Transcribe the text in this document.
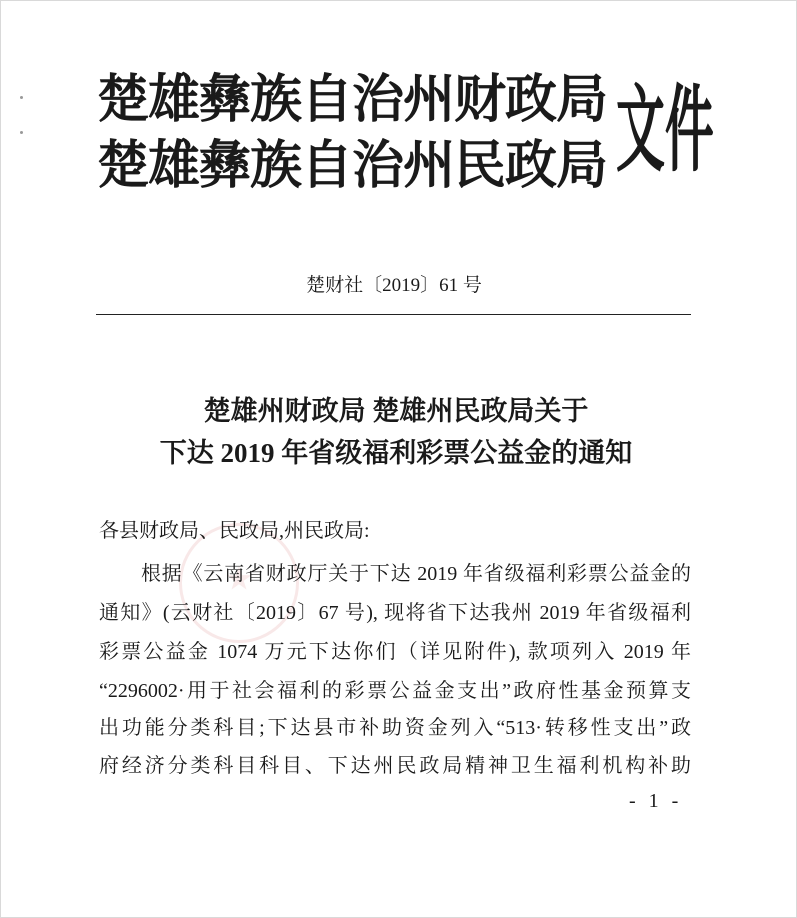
楚雄彝族自治州财政局
楚雄彝族自治州民政局 文件
楚财社〔2019〕61 号
楚雄州财政局 楚雄州民政局关于
下达 2019 年省级福利彩票公益金的通知
各县财政局、民政局,州民政局:
根据《云南省财政厅关于下达 2019 年省级福利彩票公益金的
通知》(云财社〔2019〕67 号), 现将省下达我州 2019 年省级福利
彩票公益金 1074 万元下达你们（详见附件), 款项列入 2019 年
“2296002·用于社会福利的彩票公益金支出”政府性基金预算支
出功能分类科目;下达县市补助资金列入“513·转移性支出”政
府经济分类科目科目、下达州民政局精神卫生福利机构补助
- 1 -
